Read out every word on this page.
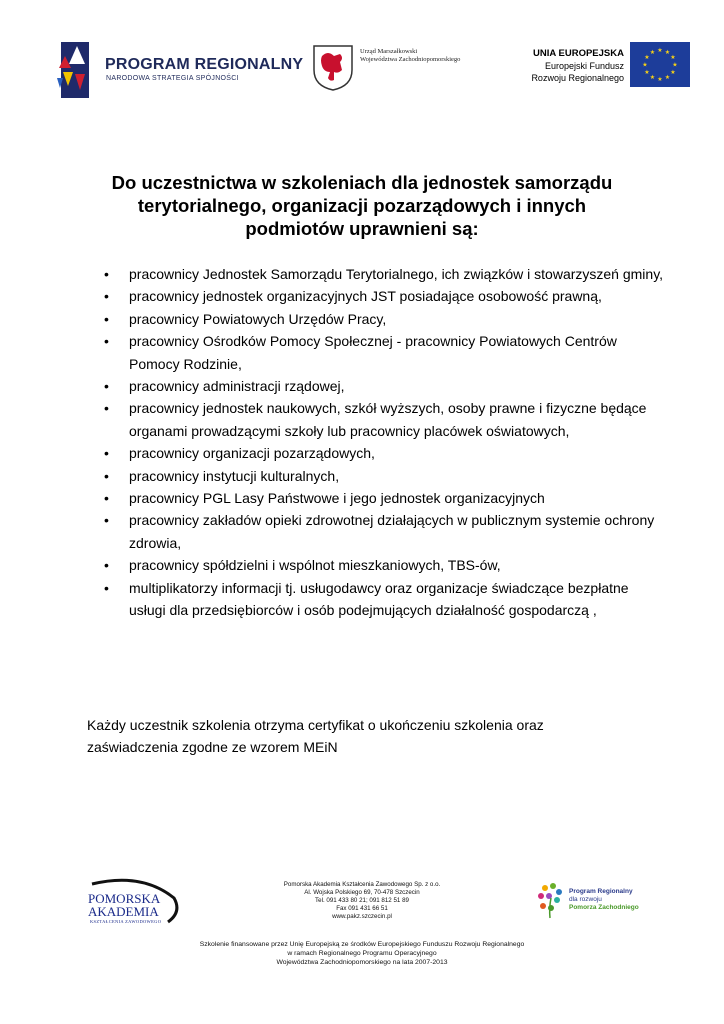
PROGRAM REGIONALNY
NARODOWA STRATEGIA SPÓJNOŚCI
Urząd Marszałkowski
Województwa Zachodniopomorskiego
UNIA EUROPEJSKA
Europejski Fundusz
Rozwoju Regionalnego
★ ★
★
★
★
★
★
★
★
★
★
★
Do uczestnictwa w szkoleniach dla jednostek samorządu terytorialnego, organizacji pozarządowych i innych podmiotów uprawnieni są:
• pracownicy Jednostek Samorządu Terytorialnego, ich związków i stowarzyszeń gminy,
• pracownicy jednostek organizacyjnych JST posiadające osobowość prawną,
• pracownicy Powiatowych Urzędów Pracy,
• pracownicy Ośrodków Pomocy Społecznej - pracownicy Powiatowych Centrów Pomocy Rodzinie,
• pracownicy administracji rządowej,
• pracownicy jednostek naukowych, szkół wyższych, osoby prawne i fizyczne będące organami prowadzącymi szkoły lub pracownicy placówek oświatowych,
• pracownicy organizacji pozarządowych,
• pracownicy instytucji kulturalnych,
• pracownicy PGL Lasy Państwowe i jego jednostek organizacyjnych
• pracownicy zakładów opieki zdrowotnej działających w publicznym systemie ochrony zdrowia,
• pracownicy spółdzielni i wspólnot mieszkaniowych, TBS-ów,
• multiplikatorzy informacji tj. usługodawcy oraz organizacje świadczące bezpłatne usługi dla przedsiębiorców i osób podejmujących działalność gospodarczą ,
Każdy uczestnik szkolenia otrzyma certyfikat o ukończeniu szkolenia oraz zaświadczenia zgodne ze wzorem MEiN
POMORSKA
AKADEMIA
KSZTAŁCENIA ZAWODOWEGO
Pomorska Akademia Kształcenia Zawodowego Sp. z o.o.
Al. Wojska Polskiego 69, 70-478 Szczecin
Tel. 091 433 80 21; 091 812 51 89
Fax 091 431 66 51
www.pakz.szczecin.pl
Program Regionalny
dla rozwoju
Pomorza Zachodniego
Szkolenie finansowane przez Unię Europejską ze środków Europejskiego Funduszu Rozwoju Regionalnego
w ramach Regionalnego Programu Operacyjnego
Województwa Zachodniopomorskiego na lata 2007-2013
